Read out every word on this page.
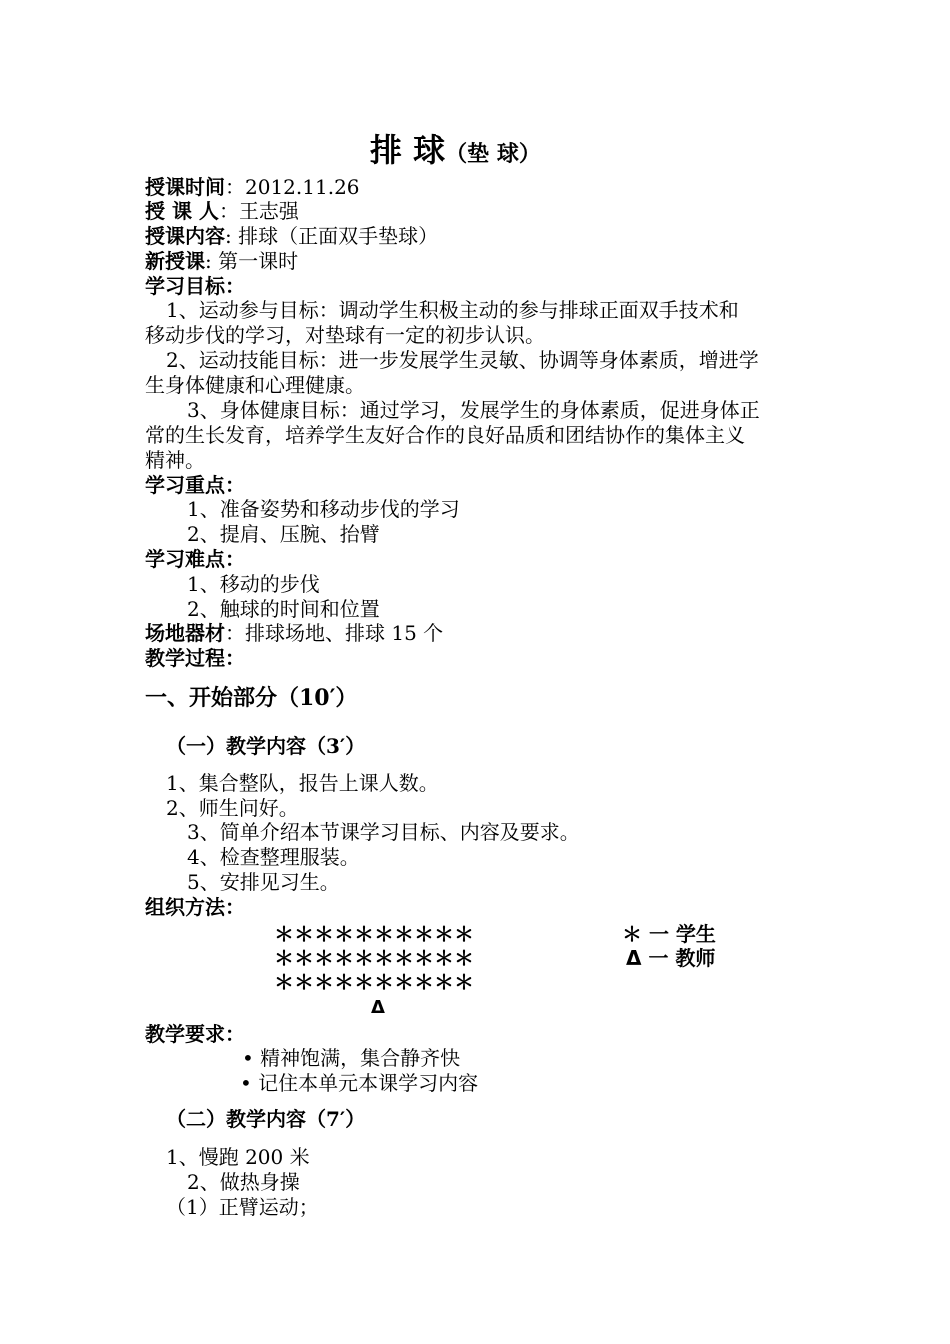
排 球（垫 球）
授课时间：2012.11.26
授 课 人：王志强
授课内容: 排球（正面双手垫球）
新授课: 第一课时
学习目标：
1、运动参与目标：调动学生积极主动的参与排球正面双手技术和
移动步伐的学习，对垫球有一定的初步认识。
2、运动技能目标：进一步发展学生灵敏、协调等身体素质，增进学
生身体健康和心理健康。
3、身体健康目标：通过学习，发展学生的身体素质，促进身体正
常的生长发育，培养学生友好合作的良好品质和团结协作的集体主义
精神。
学习重点：
1、准备姿势和移动步伐的学习
2、提肩、压腕、抬臂
学习难点：
1、移动的步伐
2、触球的时间和位置
场地器材：排球场地、排球 15 个
教学过程：
一、开始部分（10′）
（一）教学内容（3′）
1、集合整队，报告上课人数。
2、师生问好。
3、简单介绍本节课学习目标、内容及要求。
4、检查整理服装。
5、安排见习生。
组织方法：
＊＊＊＊＊＊＊＊＊＊
＊＊＊＊＊＊＊＊＊＊
＊＊＊＊＊＊＊＊＊＊
Δ
＊ 一 学生
Δ 一 教师
教学要求：
• 精神饱满，集合静齐快
• 记住本单元本课学习内容
（二）教学内容（7′）
1、慢跑 200 米
2、做热身操
（1）正臂运动；
